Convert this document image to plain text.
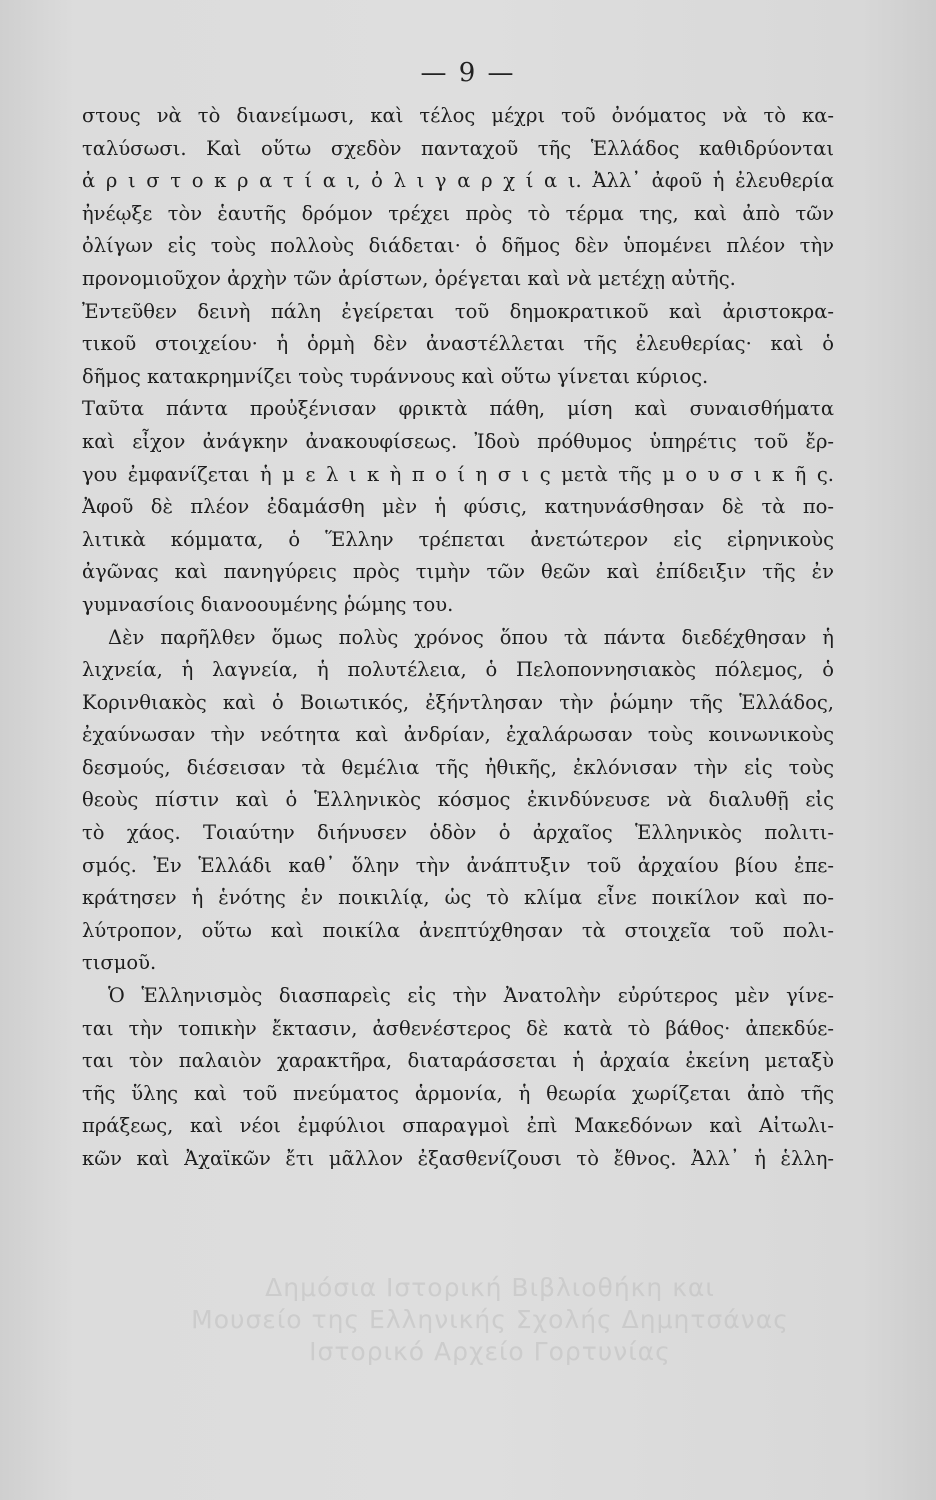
— 9 —
στους νὰ τὸ διανείμωσι, καὶ τέλος μέχρι τοῦ ὀνόματος νὰ τὸ κα-
ταλύσωσι. Καὶ οὕτω σχεδὸν πανταχοῦ τῆς Ἑλλάδος καθιδρύονται
ἀ ρ ι σ τ ο κ ρ α τ ί α ι, ὀ λ ι γ α ρ χ ί α ι. Ἀλλ᾽ ἀφοῦ ἡ ἐλευθερία
ἠνέῳξε τὸν ἑαυτῆς δρόμον τρέχει πρὸς τὸ τέρμα της, καὶ ἀπὸ τῶν
ὀλίγων εἰς τοὺς πολλοὺς διάδεται· ὁ δῆμος δὲν ὑπομένει πλέον τὴν
προνομιοῦχον ἀρχὴν τῶν ἀρίστων, ὀρέγεται καὶ νὰ μετέχῃ αὐτῆς.
Ἐντεῦθεν δεινὴ πάλη ἐγείρεται τοῦ δημοκρατικοῦ καὶ ἀριστοκρα-
τικοῦ στοιχείου· ἡ ὁρμὴ δὲν ἀναστέλλεται τῆς ἐλευθερίας· καὶ ὁ
δῆμος κατακρημνίζει τοὺς τυράννους καὶ οὕτω γίνεται κύριος.
Ταῦτα πάντα προὐξένισαν φρικτὰ πάθη, μίση καὶ συναισθήματα
καὶ εἶχον ἀνάγκην ἀνακουφίσεως. Ἰδοὺ πρόθυμος ὑπηρέτις τοῦ ἔρ-
γου ἐμφανίζεται ἡ μ ε λ ι κ ὴ π ο ί η σ ι ς μετὰ τῆς μ ο υ σ ι κ ῆ ς.
Ἀφοῦ δὲ πλέον ἐδαμάσθη μὲν ἡ φύσις, κατηυνάσθησαν δὲ τὰ πο-
λιτικὰ κόμματα, ὁ Ἕλλην τρέπεται ἀνετώτερον εἰς εἰρηνικοὺς
ἀγῶνας καὶ πανηγύρεις πρὸς τιμὴν τῶν θεῶν καὶ ἐπίδειξιν τῆς ἐν
γυμνασίοις διανοουμένης ῥώμης του.
Δὲν παρῆλθεν ὅμως πολὺς χρόνος ὅπου τὰ πάντα διεδέχθησαν ἡ
λιχνεία, ἡ λαγνεία, ἡ πολυτέλεια, ὁ Πελοποννησιακὸς πόλεμος, ὁ
Κορινθιακὸς καὶ ὁ Βοιωτικός, ἐξήντλησαν τὴν ῥώμην τῆς Ἑλλάδος,
ἐχαύνωσαν τὴν νεότητα καὶ ἀνδρίαν, ἐχαλάρωσαν τοὺς κοινωνικοὺς
δεσμούς, διέσεισαν τὰ θεμέλια τῆς ἠθικῆς, ἐκλόνισαν τὴν εἰς τοὺς
θεοὺς πίστιν καὶ ὁ Ἑλληνικὸς κόσμος ἐκινδύνευσε νὰ διαλυθῇ εἰς
τὸ χάος. Τοιαύτην διήνυσεν ὁδὸν ὁ ἀρχαῖος Ἑλληνικὸς πολιτι-
σμός. Ἐν Ἑλλάδι καθ᾽ ὅλην τὴν ἀνάπτυξιν τοῦ ἀρχαίου βίου ἐπε-
κράτησεν ἡ ἑνότης ἐν ποικιλίᾳ, ὡς τὸ κλίμα εἶνε ποικίλον καὶ πο-
λύτροπον, οὕτω καὶ ποικίλα ἀνεπτύχθησαν τὰ στοιχεῖα τοῦ πολι-
τισμοῦ.
Ὁ Ἑλληνισμὸς διασπαρεὶς εἰς τὴν Ἀνατολὴν εὐρύτερος μὲν γίνε-
ται τὴν τοπικὴν ἔκτασιν, ἀσθενέστερος δὲ κατὰ τὸ βάθος· ἀπεκδύε-
ται τὸν παλαιὸν χαρακτῆρα, διαταράσσεται ἡ ἀρχαία ἐκείνη μεταξὺ
τῆς ὕλης καὶ τοῦ πνεύματος ἁρμονία, ἡ θεωρία χωρίζεται ἀπὸ τῆς
πράξεως, καὶ νέοι ἐμφύλιοι σπαραγμοὶ ἐπὶ Μακεδόνων καὶ Αἰτωλι-
κῶν καὶ Ἀχαϊκῶν ἔτι μᾶλλον ἐξασθενίζουσι τὸ ἔθνος. Ἀλλ᾽ ἡ ἑλλη-
Δημόσια Ιστορική Βιβλιοθήκη και
Μουσείο της Ελληνικής Σχολής Δημητσάνας
Ιστορικό Αρχείο Γορτυνίας
